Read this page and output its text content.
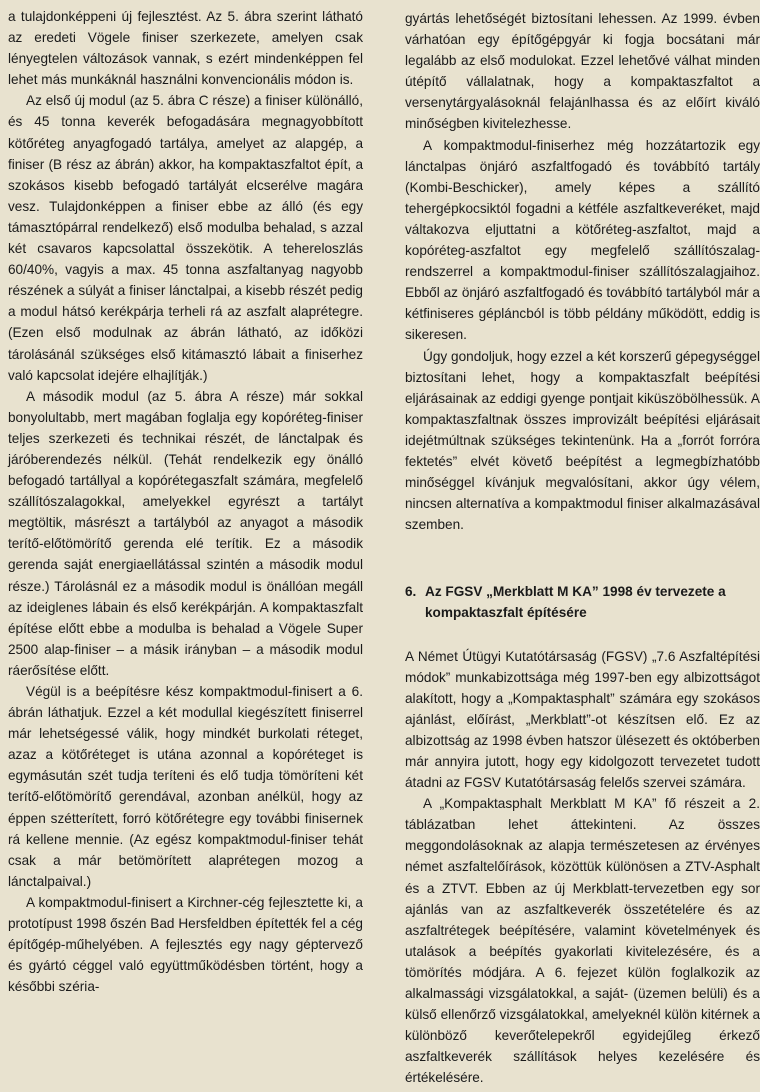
a tulajdonképpeni új fejlesztést. Az 5. ábra szerint látható az eredeti Vögele finiser szerkezete, amelyen csak lényegtelen változások vannak, s ezért mindenképpen fel lehet más munkáknál használni konvencionális módon is.

Az első új modul (az 5. ábra C része) a finiser különálló, és 45 tonna keverék befogadására megnagyobbított kötőréteg anyagfogadó tartálya, amelyet az alapgép, a finiser (B rész az ábrán) akkor, ha kompaktaszfaltot épít, a szokásos kisebb befogadó tartályát elcserélve magára vesz. Tulajdonképpen a finiser ebbe az álló (és egy támasztópárral rendelkező) első modulba behalad, s azzal két csavaros kapcsolattal összekötik. A tehereloszlás 60/40%, vagyis a max. 45 tonna aszfaltanyag nagyobb részének a súlyát a finiser lánctalpai, a kisebb részét pedig a modul hátsó kerékpárja terheli rá az aszfalt alaprétegre. (Ezen első modulnak az ábrán látható, az időközi tárolásánál szükséges első kitámasztó lábait a finiserhez való kapcsolat idejére elhajlítják.)

A második modul (az 5. ábra A része) már sokkal bonyolultabb, mert magában foglalja egy kopóréteg-finiser teljes szerkezeti és technikai részét, de lánctalpak és járóberendezés nélkül. (Tehát rendelkezik egy önálló befogadó tartállyal a kopórétegaszfalt számára, megfelelő szállítószalagokkal, amelyekkel egyrészt a tartályt megtöltik, másrészt a tartályból az anyagot a második terítő-előtömörítő gerenda elé terítik. Ez a második gerenda saját energiaellátással szintén a második modul része.) Tárolásnál ez a második modul is önállóan megáll az ideiglenes lábain és első kerékpárján. A kompaktaszfalt építése előtt ebbe a modulba is behalad a Vögele Super 2500 alap-finiser – a másik irányban – a második modul ráerősítése előtt.

Végül is a beépítésre kész kompaktmodul-finisert a 6. ábrán láthatjuk. Ezzel a két modullal kiegészített finiserrel már lehetségessé válik, hogy mindkét burkolati réteget, azaz a kötőréteget is utána azonnal a kopóréteget is egymásután szét tudja teríteni és elő tudja tömöríteni két terítő-előtömörítő gerendával, azonban anélkül, hogy az éppen szétterített, forró kötőrétegre egy további finisernek rá kellene mennie. (Az egész kompaktmodul-finiser tehát csak a már betömörített alaprétegen mozog a lánctalpaival.)

A kompaktmodul-finisert a Kirchner-cég fejlesztette ki, a prototípust 1998 őszén Bad Hersfeldben építették fel a cég építőgép-műhelyében. A fejlesztés egy nagy géptervező és gyártó céggel való együttműködésben történt, hogy a későbbi szériа-

gyártás lehetőségét biztosítani lehessen. Az 1999. évben várhatóan egy építőgépgyár ki fogja bocsátani már legalább az első modulokat. Ezzel lehetővé válhat minden útépítő vállalatnak, hogy a kompaktaszfaltot a versenytárgyalásoknál felajánlhassa és az előírt kiváló minőségben kivitelezhesse.

A kompaktmodul-finiserhez még hozzátartozik egy lánctalpas önjáró aszfaltfogadó és továbbító tartály (Kombi-Beschicker), amely képes a szállító tehergépkocsiktól fogadni a kétféle aszfaltkeveréket, majd váltakozva eljuttatni a kötőréteg-aszfaltot, majd a kopóréteg-aszfaltot egy megfelelő szállítószalag-rendszerrel a kompaktmodul-finiser szállítószalagjaihoz. Ebből az önjáró aszfaltfogadó és továbbító tartályból már a kétfiniseres gépláncból is több példány működött, eddig is sikeresen.

Úgy gondoljuk, hogy ezzel a két korszerű gépegységgel biztosítani lehet, hogy a kompaktaszfalt beépítési eljárásainak az eddigi gyenge pontjait kiküszöbölhessük. A kompaktaszfaltnak összes improvizált beépítési eljárásait idejétmúltnak szükséges tekintenünk. Ha a „forrót forróra fektetés” elvét követő beépítést a legmegbízhatóbb minőséggel kívánjuk megvalósítani, akkor úgy vélem, nincsen alternatíva a kompaktmodul finiser alkalmazásával szemben.

6. Az FGSV „Merkblatt M KA” 1998 év tervezete a kompaktaszfalt építésére

A Német Útügyi Kutatótársaság (FGSV) „7.6 Aszfaltépítési módok” munkabizottsága még 1997-ben egy albizottságot alakított, hogy a „Kompaktasphalt” számára egy szokásos ajánlást, előírást, „Merkblatt”-ot készítsen elő. Ez az albizottság az 1998 évben hatszor ülésezett és októberben már annyira jutott, hogy egy kidolgozott tervezetet tudott átadni az FGSV Kutatótársaság felelős szervei számára.

A „Kompaktasphalt Merkblatt M KA” fő részeit a 2. táblázatban lehet áttekinteni. Az összes meggondolásoknak az alapja természetesen az érvényes német aszfaltelőírások, közöttük különösen a ZTV-Asphalt és a ZTVT. Ebben az új Merkblatt-tervezetben egy sor ajánlás van az aszfaltkeverék összetételére és az aszfaltrétegek beépítésére, valamint követelmények és utalások a beépítés gyakorlati kivitelezésére, és a tömörítés módjára. A 6. fejezet külön foglalkozik az alkalmassági vizsgálatokkal, a saját- (üzemen belüli) és a külső ellenőrző vizsgálatokkal, amelyeknél külön kitérnek a különböző keverőtelepekről egyidejűleg érkező aszfaltkeverék szállítások helyes kezelésére és értékelésére.
